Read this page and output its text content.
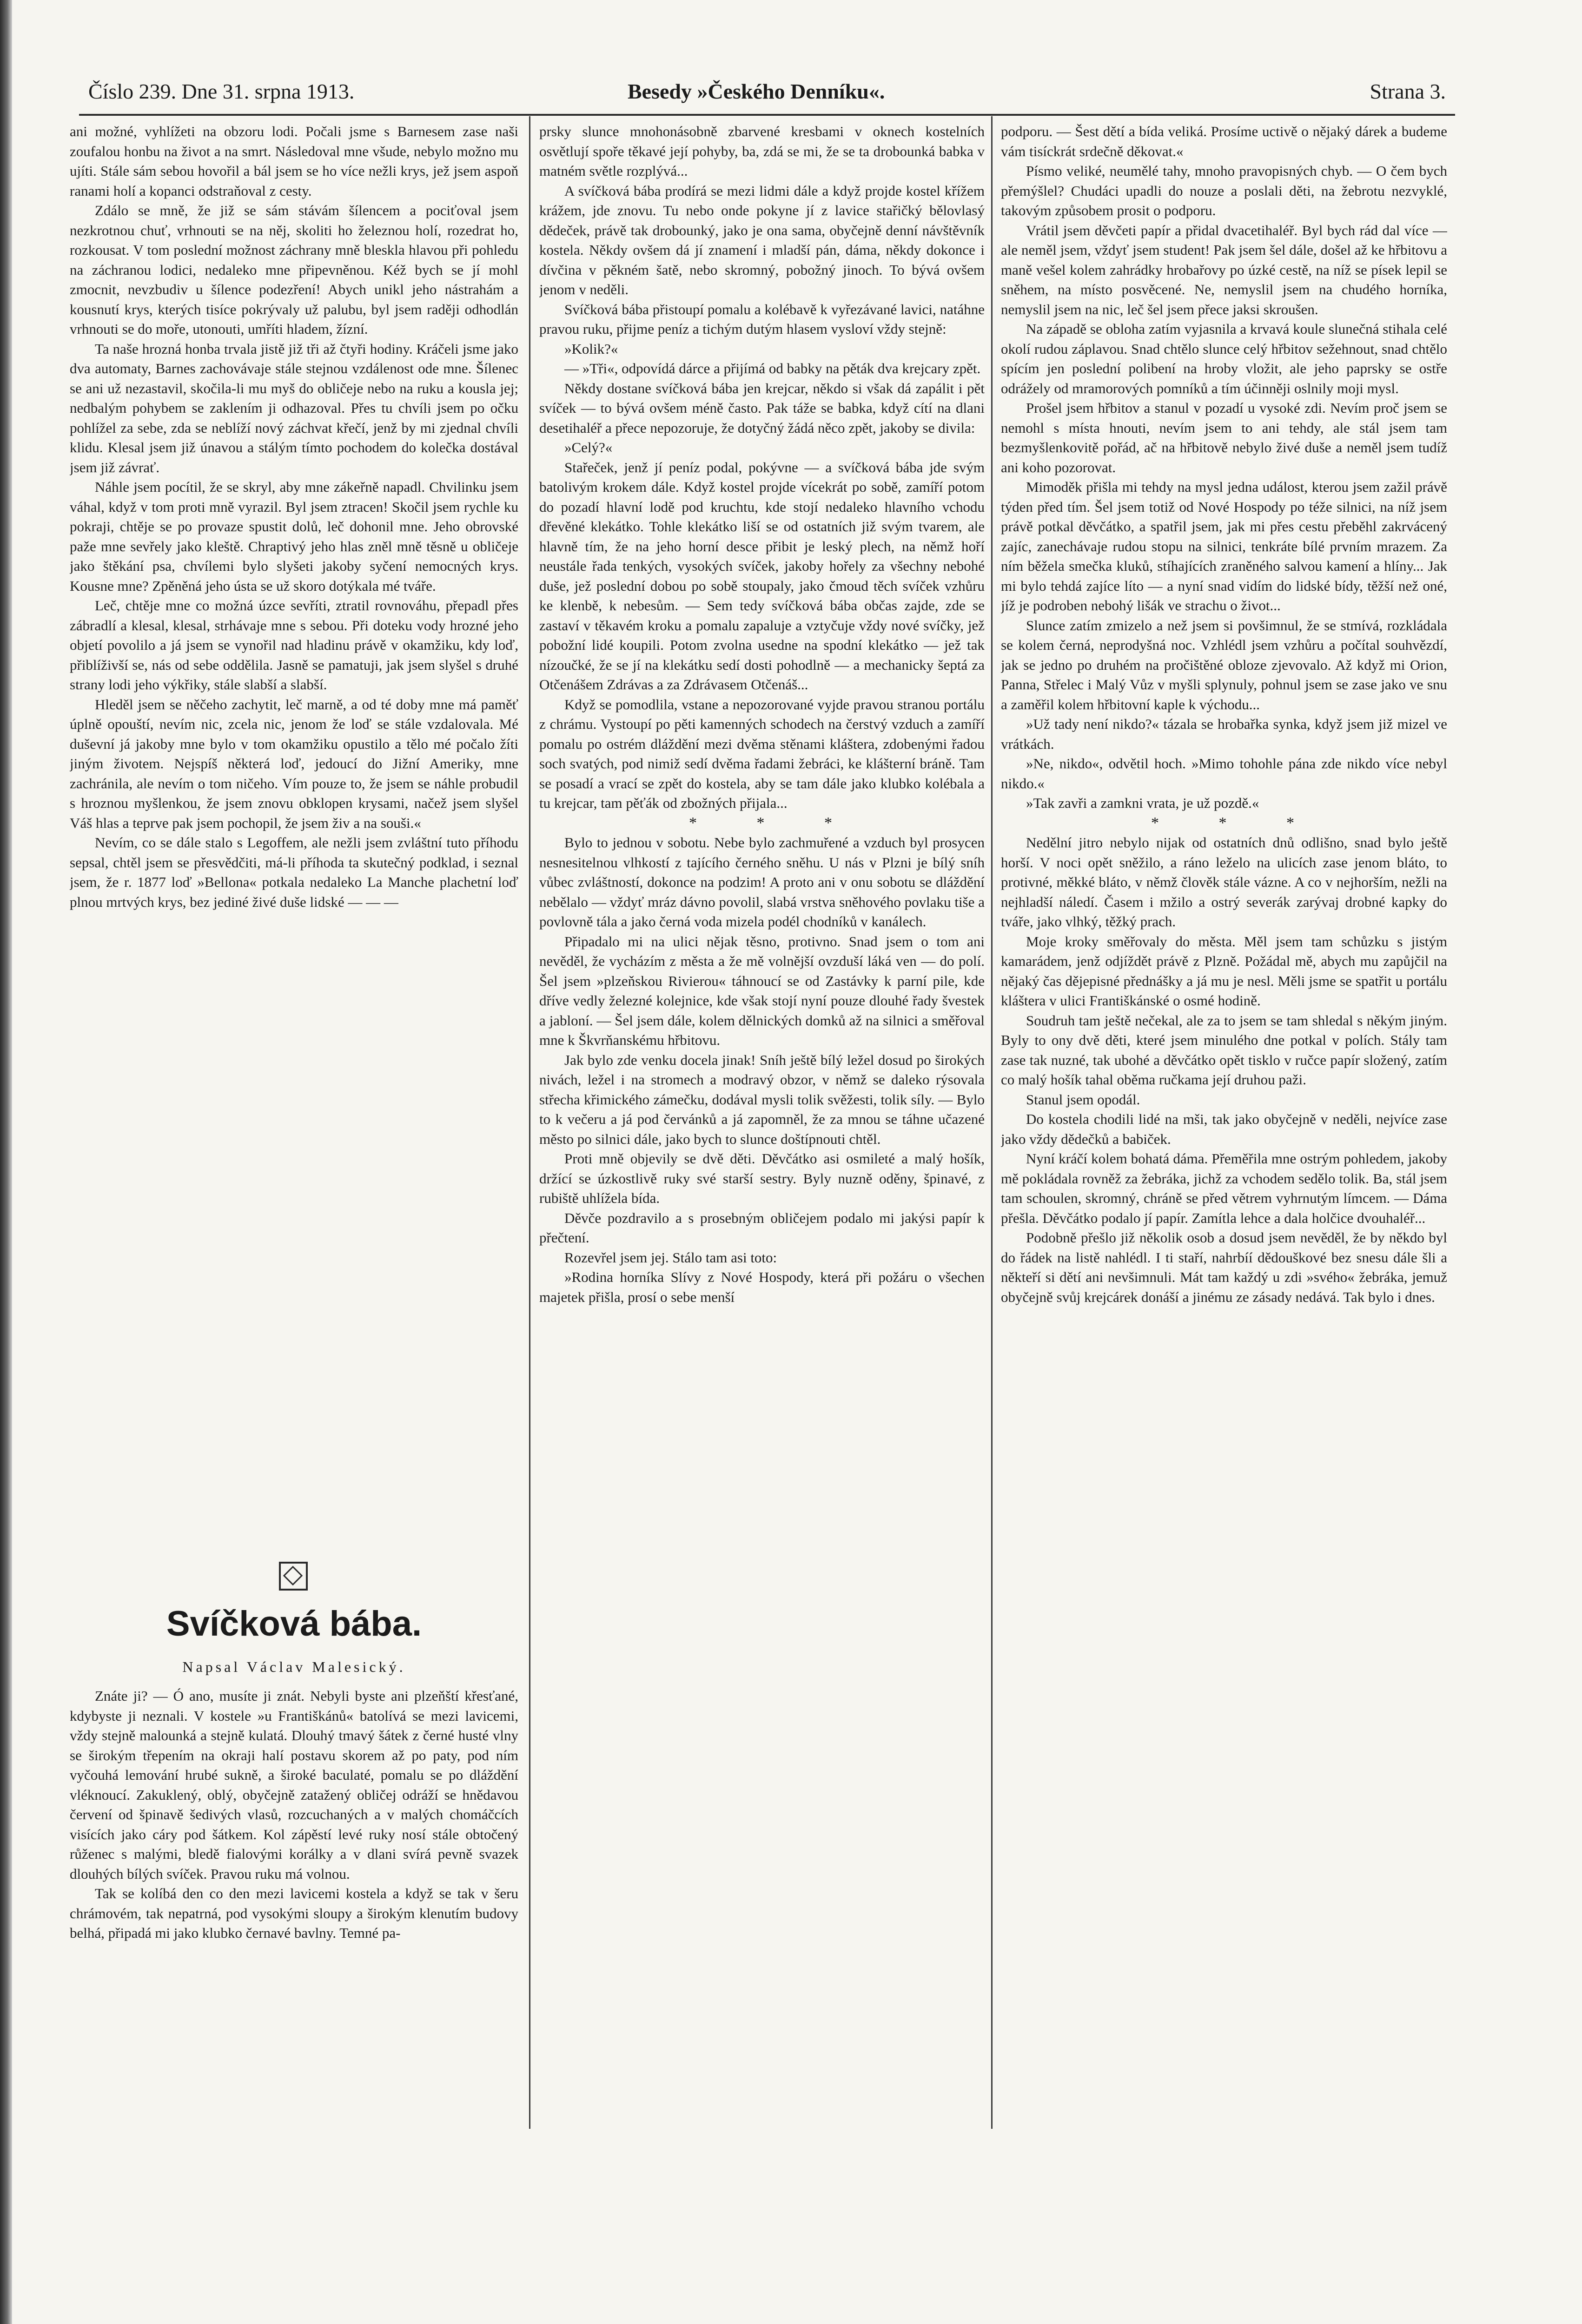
Číslo 239. Dne 31. srpna 1913.	Besedy »Českého Denníku«.	Strana 3.

ani možné, vyhlížeti na obzoru lodi. Počali jsme s Barnesem zase naši zoufalou honbu na život a na smrt. Následoval mne všude, nebylo možno mu ujíti. Stále sám sebou hovořil a bál jsem se ho více nežli krys, jež jsem aspoň ranami holí a kopanci odstraňoval z cesty.

Zdálo se mně, že již se sám stávám šílencem a pociťoval jsem nezkrotnou chuť, vrhnouti se na něj, skoliti ho železnou holí, rozedrat ho, rozkousat. V tom poslední možnost záchrany mně bleskla hlavou při pohledu na záchranou lodici, nedaleko mne připevněnou. Kéž bych se jí mohl zmocnit, nevzbudiv u šílence podezření! Abych unikl jeho nástrahám a kousnutí krys, kterých tisíce pokrývaly už palubu, byl jsem raději odhodlán vrhnouti se do moře, utonouti, umříti hladem, žízní.

Ta naše hrozná honba trvala jistě již tři až čtyři hodiny. Kráčeli jsme jako dva automaty, Barnes zachovávaje stále stejnou vzdálenost ode mne. Šílenec se ani už nezastavil, skočila-li mu myš do obličeje nebo na ruku a kousla jej; nedbalým pohybem se zaklením ji odhazoval. Přes tu chvíli jsem po očku pohlížel za sebe, zda se neblíží nový záchvat křečí, jenž by mi zjednal chvíli klidu. Klesal jsem již únavou a stálým tímto pochodem do kolečka dostával jsem již závrať.

Náhle jsem pocítil, že se skryl, aby mne zákeřně napadl. Chvilinku jsem váhal, když v tom proti mně vyrazil. Byl jsem ztracen! Skočil jsem rychle ku pokraji, chtěje se po provaze spustit dolů, leč dohonil mne. Jeho obrovské paže mne sevřely jako kleště. Chraptivý jeho hlas zněl mně těsně u obličeje jako štěkání psa, chvílemi bylo slyšeti jakoby syčení nemocných krys. Kousne mne? Zpěněná jeho ústa se už skoro dotýkala mé tváře.

Leč, chtěje mne co možná úzce sevříti, ztratil rovnováhu, přepadl přes zábradlí a klesal, klesal, strhávaje mne s sebou. Při doteku vody hrozné jeho objetí povolilo a já jsem se vynořil nad hladinu právě v okamžiku, kdy loď, přiblíživší se, nás od sebe oddělila. Jasně se pamatuji, jak jsem slyšel s druhé strany lodi jeho výkřiky, stále slabší a slabší.

Hleděl jsem se něčeho zachytit, leč marně, a od té doby mne má paměť úplně opouští, nevím nic, zcela nic, jenom že loď se stále vzdalovala. Mé duševní já jakoby mne bylo v tom okamžiku opustilo a tělo mé počalo žíti jiným životem. Nejspíš některá loď, jedoucí do Jižní Ameriky, mne zachránila, ale nevím o tom ničeho. Vím pouze to, že jsem se náhle probudil s hroznou myšlenkou, že jsem znovu obklopen krysami, načež jsem slyšel Váš hlas a teprve pak jsem pochopil, že jsem živ a na souši.«

Nevím, co se dále stalo s Legoffem, ale nežli jsem zvláštní tuto příhodu sepsal, chtěl jsem se přesvědčiti, má-li příhoda ta skutečný podklad, i seznal jsem, že r. 1877 loď »Bellona« potkala nedaleko La Manche plachetní loď plnou mrtvých krys, bez jediné živé duše lidské — — —

Svíčková bába.
Napsal Václav Malesický.

Znáte ji? — Ó ano, musíte ji znát. Nebyli byste ani plzeňští křesťané, kdybyste ji neznali. V kostele »u Františkánů« batolívá se mezi lavicemi, vždy stejně malounká a stejně kulatá. Dlouhý tmavý šátek z černé husté vlny se širokým třepením na okraji halí postavu skorem až po paty, pod ním vyčouhá lemování hrubé sukně, a široké baculaté, pomalu se po dláždění vléknoucí. Zakuklený, oblý, obyčejně zatažený obličej odráží se hnědavou červení od špinavě šedivých vlasů, rozcuchaných a v malých chomáčcích visících jako cáry pod šátkem. Kol zápěstí levé ruky nosí stále obtočený růženec s malými, bledě fialovými korálky a v dlani svírá pevně svazek dlouhých bílých svíček. Pravou ruku má volnou.

Tak se kolíbá den co den mezi lavicemi kostela a když se tak v šeru chrámovém, tak nepatrná, pod vysokými sloupy a širokým klenutím budovy belhá, připadá mi jako klubko černavé bavlny. Temné pa-

prsky slunce mnohonásobně zbarvené kresbami v oknech kostelních osvětlují spoře těkavé její pohyby, ba, zdá se mi, že se ta drobounká babka v matném světle rozplývá...

A svíčková bába prodírá se mezi lidmi dále a když projde kostel křížem krážem, jde znovu. Tu nebo onde pokyne jí z lavice stařičký bělovlasý dědeček, právě tak drobounký, jako je ona sama, obyčejně denní návštěvník kostela. Někdy ovšem dá jí znamení i mladší pán, dáma, někdy dokonce i dívčina v pěkném šatě, nebo skromný, pobožný jinoch. To bývá ovšem jenom v neděli.

Svíčková bába přistoupí pomalu a kolébavě k vyřezávané lavici, natáhne pravou ruku, přijme peníz a tichým dutým hlasem vysloví vždy stejně:

»Kolik?«

— »Tři«, odpovídá dárce a přijímá od babky na pěták dva krejcary zpět.

Někdy dostane svíčková bába jen krejcar, někdo si však dá zapálit i pět svíček — to bývá ovšem méně často. Pak táže se babka, když cítí na dlani desetihaléř a přece nepozoruje, že dotyčný žádá něco zpět, jakoby se divila:

»Celý?«

Stařeček, jenž jí peníz podal, pokývne — a svíčková bába jde svým batolivým krokem dále. Když kostel projde vícekrát po sobě, zamíří potom do pozadí hlavní lodě pod kruchtu, kde stojí nedaleko hlavního vchodu dřevěné klekátko. Tohle klekátko liší se od ostatních již svým tvarem, ale hlavně tím, že na jeho horní desce přibit je leský plech, na němž hoří neustále řada tenkých, vysokých svíček, jakoby hořely za všechny nebohé duše, jež poslední dobou po sobě stoupaly, jako čmoud těch svíček vzhůru ke klenbě, k nebesům. — Sem tedy svíčková bába občas zajde, zde se zastaví v těkavém kroku a pomalu zapaluje a vztyčuje vždy nové svíčky, jež pobožní lidé koupili. Potom zvolna usedne na spodní klekátko — jež tak nízoučké, že se jí na klekátku sedí dosti pohodlně — a mechanicky šeptá za Otčenášem Zdrávas a za Zdrávasem Otčenáš...

Když se pomodlila, vstane a nepozorované vyjde pravou stranou portálu z chrámu. Vystoupí po pěti kamenných schodech na čerstvý vzduch a zamíří pomalu po ostrém dláždění mezi dvěma stěnami kláštera, zdobenými řadou soch svatých, pod nimiž sedí dvěma řadami žebráci, ke klášterní bráně. Tam se posadí a vrací se zpět do kostela, aby se tam dále jako klubko kolébala a tu krejcar, tam pěťák od zbožných přijala...

* * *

Bylo to jednou v sobotu. Nebe bylo zachmuřené a vzduch byl prosycen nesnesitelnou vlhkostí z tajícího černého sněhu. U nás v Plzni je bílý sníh vůbec zvláštností, dokonce na podzim! A proto ani v onu sobotu se dláždění nebělalo — vždyť mráz dávno povolil, slabá vrstva sněhového povlaku tiše a povlovně tála a jako černá voda mizela podél chodníků v kanálech.

Připadalo mi na ulici nějak těsno, protivno. Snad jsem o tom ani nevěděl, že vycházím z města a že mě volnější ovzduší láká ven — do polí. Šel jsem »plzeňskou Rivierou« táhnoucí se od Zastávky k parní pile, kde dříve vedly železné kolejnice, kde však stojí nyní pouze dlouhé řady švestek a jabloní. — Šel jsem dále, kolem dělnických domků až na silnici a směřoval mne k Škvrňanskému hřbitovu.

Jak bylo zde venku docela jinak! Sníh ještě bílý ležel dosud po širokých nivách, ležel i na stromech a modravý obzor, v němž se daleko rýsovala střecha křimického zámečku, dodával mysli tolik svěžesti, tolik síly. — Bylo to k večeru a já pod červánků a já zapomněl, že za mnou se táhne učazené město po silnici dále, jako bych to slunce doštípnouti chtěl.

Proti mně objevily se dvě děti. Děvčátko asi osmileté a malý hošík, držící se úzkostlivě ruky své starší sestry. Byly nuzně oděny, špinavé, z rubiště uhlížela bída.

Děvče pozdravilo a s prosebným obličejem podalo mi jakýsi papír k přečtení.

Rozevřel jsem jej. Stálo tam asi toto:

»Rodina horníka Slívy z Nové Hospody, která při požáru o všechen majetek přišla, prosí o sebe menší

podporu. — Šest dětí a bída veliká. Prosíme uctivě o nějaký dárek a budeme vám tisíckrát srdečně děkovat.«

Písmo veliké, neumělé tahy, mnoho pravopisných chyb. — O čem bych přemýšlel? Chudáci upadli do nouze a poslali děti, na žebrotu nezvyklé, takovým způsobem prosit o podporu.

Vrátil jsem děvčeti papír a přidal dvacetihaléř. Byl bych rád dal více — ale neměl jsem, vždyť jsem student! Pak jsem šel dále, došel až ke hřbitovu a maně vešel kolem zahrádky hrobařovy po úzké cestě, na níž se písek lepil se sněhem, na místo posvěcené. Ne, nemyslil jsem na chudého horníka, nemyslil jsem na nic, leč šel jsem přece jaksi skroušen.

Na západě se obloha zatím vyjasnila a krvavá koule slunečná stihala celé okolí rudou záplavou. Snad chtělo slunce celý hřbitov sežehnout, snad chtělo spícím jen poslední polibení na hroby vložit, ale jeho paprsky se ostře odrážely od mramorových pomníků a tím účinněji oslnily moji mysl.

Prošel jsem hřbitov a stanul v pozadí u vysoké zdi. Nevím proč jsem se nemohl s místa hnouti, nevím jsem to ani tehdy, ale stál jsem tam bezmyšlenkovitě pořád, ač na hřbitově nebylo živé duše a neměl jsem tudíž ani koho pozorovat.

Mimoděk přišla mi tehdy na mysl jedna událost, kterou jsem zažil právě týden před tím. Šel jsem totiž od Nové Hospody po téže silnici, na níž jsem právě potkal děvčátko, a spatřil jsem, jak mi přes cestu přeběhl zakrvácený zajíc, zanechávaje rudou stopu na silnici, tenkráte bílé prvním mrazem. Za ním běžela smečka kluků, stíhajících zraněného salvou kamení a hlíny... Jak mi bylo tehdá zajíce líto — a nyní snad vidím do lidské bídy, těžší než oné, jíž je podroben nebohý lišák ve strachu o život...

Slunce zatím zmizelo a než jsem si povšimnul, že se stmívá, rozkládala se kolem černá, neprodyšná noc. Vzhlédl jsem vzhůru a počítal souhvězdí, jak se jedno po druhém na pročištěné obloze zjevovalo. Až když mi Orion, Panna, Střelec i Malý Vůz v myšli splynuly, pohnul jsem se zase jako ve snu a zaměřil kolem hřbitovní kaple k východu...

»Už tady není nikdo?« tázala se hrobařka synka, když jsem již mizel ve vrátkách.

»Ne, nikdo«, odvětil hoch. »Mimo tohohle pána zde nikdo více nebyl nikdo.«

»Tak zavři a zamkni vrata, je už pozdě.«

* * *

Nedělní jitro nebylo nijak od ostatních dnů odlišno, snad bylo ještě horší. V noci opět sněžilo, a ráno leželo na ulicích zase jenom bláto, to protivné, měkké bláto, v němž člověk stále vázne. A co v nejhorším, nežli na nejhladší náledí. Časem i mžilo a ostrý severák zarývaj drobné kapky do tváře, jako vlhký, těžký prach.

Moje kroky směřovaly do města. Měl jsem tam schůzku s jistým kamarádem, jenž odjíždět právě z Plzně. Požádal mě, abych mu zapůjčil na nějaký čas dějepisné přednášky a já mu je nesl. Měli jsme se spatřit u portálu kláštera v ulici Františkánské o osmé hodině.

Soudruh tam ještě nečekal, ale za to jsem se tam shledal s někým jiným. Byly to ony dvě děti, které jsem minulého dne potkal v polích. Stály tam zase tak nuzné, tak ubohé a děvčátko opět tisklo v ručce papír složený, zatím co malý hošík tahal oběma ručkama její druhou paži.

Stanul jsem opodál.

Do kostela chodili lidé na mši, tak jako obyčejně v neděli, nejvíce zase jako vždy dědečků a babiček.

Nyní kráčí kolem bohatá dáma. Přeměřila mne ostrým pohledem, jakoby mě pokládala rovněž za žebráka, jichž za vchodem sedělo tolik. Ba, stál jsem tam schoulen, skromný, chráně se před větrem vyhrnutým límcem. — Dáma přešla. Děvčátko podalo jí papír. Zamítla lehce a dala holčice dvouhaléř...

Podobně přešlo již několik osob a dosud jsem nevěděl, že by někdo byl do řádek na listě nahlédl. I ti staří, nahrbíí dědouškové bez snesu dále šli a někteří si dětí ani nevšimnuli. Mát tam každý u zdi »svého« žebráka, jemuž obyčejně svůj krejcárek donáší a jinému ze zásady nedává. Tak bylo i dnes.
